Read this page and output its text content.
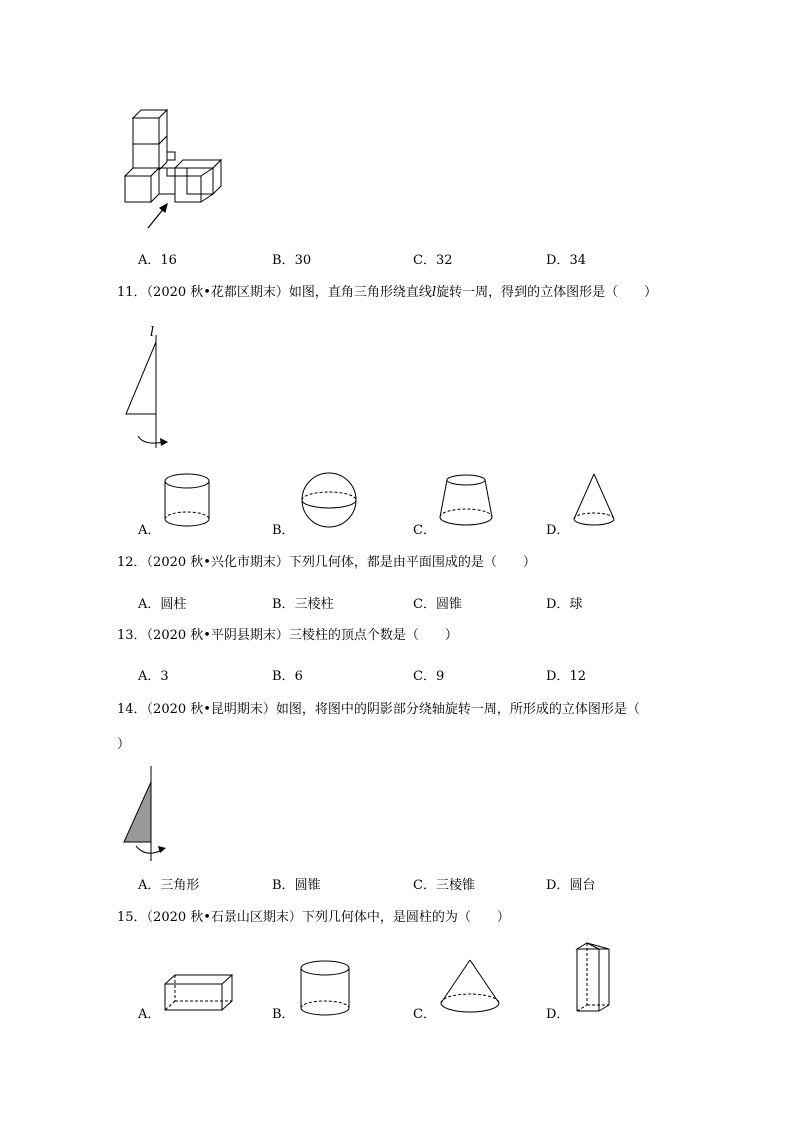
A．16	B．30	C．32	D．34
11．（2020 秋•花都区期末）如图，直角三角形绕直线l旋转一周，得到的立体图形是（　　）
l
A．	B．	C．	D．
12．（2020 秋•兴化市期末）下列几何体，都是由平面围成的是（　　）
A．圆柱	B．三棱柱	C．圆锥	D．球
13．（2020 秋•平阴县期末）三棱柱的顶点个数是（　　）
A．3	B．6	C．9	D．12
14．（2020 秋•昆明期末）如图，将图中的阴影部分绕轴旋转一周，所形成的立体图形是（
）
A．三角形	B．圆锥	C．三棱锥	D．圆台
15．（2020 秋•石景山区期末）下列几何体中，是圆柱的为（　　）
A．	B．	C．	D．
